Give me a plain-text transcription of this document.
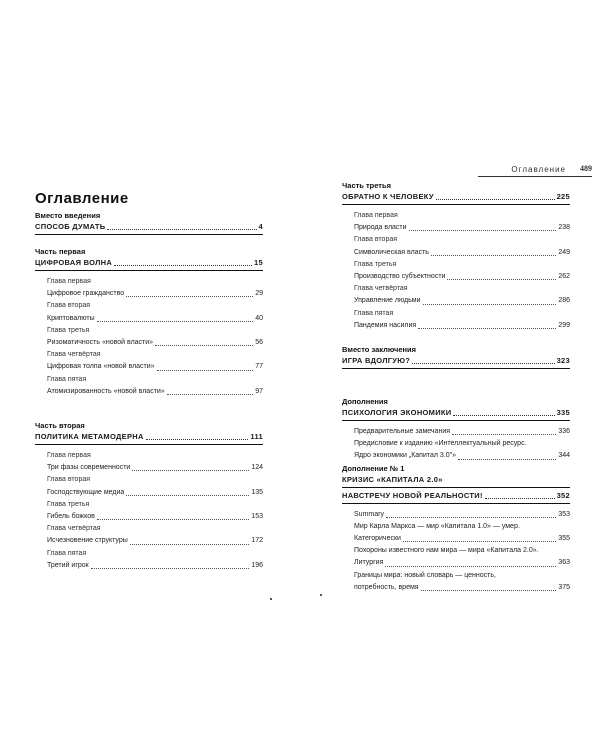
Оглавление
Вместо введения
СПОСОБ ДУМАТЬ	4
Часть первая
ЦИФРОВАЯ ВОЛНА	15
Глава первая
Цифровое гражданство	29
Глава вторая
Криптовалюты	40
Глава третья
Ризоматичность «новой власти»	56
Глава четвёртая
Цифровая толпа «новой власти»	77
Глава пятая
Атомизированность «новой власти»	97
Часть вторая
ПОЛИТИКА МЕТАМОДЕРНА	111
Глава первая
Три фазы современности	124
Глава вторая
Господствующие медиа	135
Глава третья
Гибель божков	153
Глава четвёртая
Исчезновение структуры	172
Глава пятая
Третий игрок	196
Оглавление 489
Часть третья
ОБРАТНО К ЧЕЛОВЕКУ	225
Глава первая
Природа власти	238
Глава вторая
Символическая власть	249
Глава третья
Производство субъектности	262
Глава четвёртая
Управление людьми	286
Глава пятая
Пандемия насилия	299
Вместо заключения
ИГРА ВДОЛГУЮ?	323
Дополнения
ПСИХОЛОГИЯ ЭКОНОМИКИ	335
Предварительные замечания	336
Предисловие к изданию «Интеллектуальный ресурс.
Ядро экономики „Капитал 3.0"»	344
Дополнение № 1
КРИЗИС «КАПИТАЛА 2.0»
НАВСТРЕЧУ НОВОЙ РЕАЛЬНОСТИ!	352
Summary	353
Мир Карла Маркса — мир «Капитала 1.0» — умер.
Категорически	355
Похороны известного нам мира — мира «Капитала 2.0».
Литургия	363
Границы мира: новый словарь — ценность,
потребность, время	375
